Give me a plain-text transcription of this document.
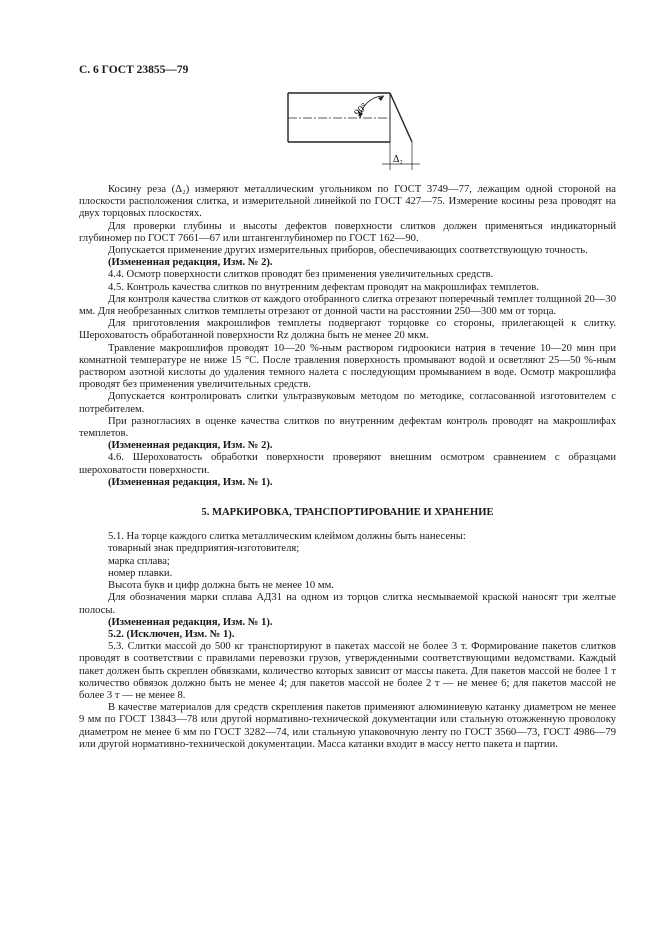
С. 6 ГОСТ 23855—79
90°
Δ₂

Косину реза (Δ₂) измеряют металлическим угольником по ГОСТ 3749—77, лежащим одной стороной на плоскости расположения слитка, и измерительной линейкой по ГОСТ 427—75. Измерение косины реза проводят на двух торцовых плоскостях.

Для проверки глубины и высоты дефектов поверхности слитков должен применяться индикаторный глубиномер по ГОСТ 7661—67 или штангенглубиномер по ГОСТ 162—90.

Допускается применение других измерительных приборов, обеспечивающих соответствующую точность.

(Измененная редакция, Изм. № 2).

4.4. Осмотр поверхности слитков проводят без применения увеличительных средств.

4.5. Контроль качества слитков по внутренним дефектам проводят на макрошлифах темплетов.

Для контроля качества слитков от каждого отобранного слитка отрезают поперечный темплет толщиной 20—30 мм. Для необрезанных слитков темплеты отрезают от донной части на расстоянии 250—300 мм от торца.

Для приготовления макрошлифов темплеты подвергают торцовке со стороны, прилегающей к слитку. Шероховатость обработанной поверхности Rz должна быть не менее 20 мкм.

Травление макрошлифов проводят 10—20 %-ным раствором гидроокиси натрия в течение 10—20 мин при комнатной температуре не ниже 15 °С. После травления поверхность промывают водой и осветляют 25—50 %-ным раствором азотной кислоты до удаления темного налета с последующим промыванием в воде. Осмотр макрошлифа проводят без применения увеличительных средств.

Допускается контролировать слитки ультразвуковым методом по методике, согласованной изготовителем с потребителем.

При разногласиях в оценке качества слитков по внутренним дефектам контроль проводят на макрошлифах темплетов.

(Измененная редакция, Изм. № 2).

4.6. Шероховатость обработки поверхности проверяют внешним осмотром сравнением с образцами шероховатости поверхности.

(Измененная редакция, Изм. № 1).

5. МАРКИРОВКА, ТРАНСПОРТИРОВАНИЕ И ХРАНЕНИЕ

5.1. На торце каждого слитка металлическим клеймом должны быть нанесены:

товарный знак предприятия-изготовителя;

марка сплава;

номер плавки.

Высота букв и цифр должна быть не менее 10 мм.

Для обозначения марки сплава АД31 на одном из торцов слитка несмываемой краской наносят три желтые полосы.

(Измененная редакция, Изм. № 1).

5.2. (Исключен, Изм. № 1).

5.3. Слитки массой до 500 кг транспортируют в пакетах массой не более 3 т. Формирование пакетов слитков проводят в соответствии с правилами перевозки грузов, утвержденными соответствующими ведомствами. Каждый пакет должен быть скреплен обвязками, количество которых зависит от массы пакета. Для пакетов массой не более 1 т количество обвязок должно быть не менее 4; для пакетов массой не более 2 т — не менее 6; для пакетов массой не более 3 т — не менее 8.

В качестве материалов для средств скрепления пакетов применяют алюминиевую катанку диаметром не менее 9 мм по ГОСТ 13843—78 или другой нормативно-технической документации или стальную отожженную проволоку диаметром не менее 6 мм по ГОСТ 3282—74, или стальную упаковочную ленту по ГОСТ 3560—73, ГОСТ 4986—79 или другой нормативно-технической документации. Масса катанки входит в массу нетто пакета и партии.
